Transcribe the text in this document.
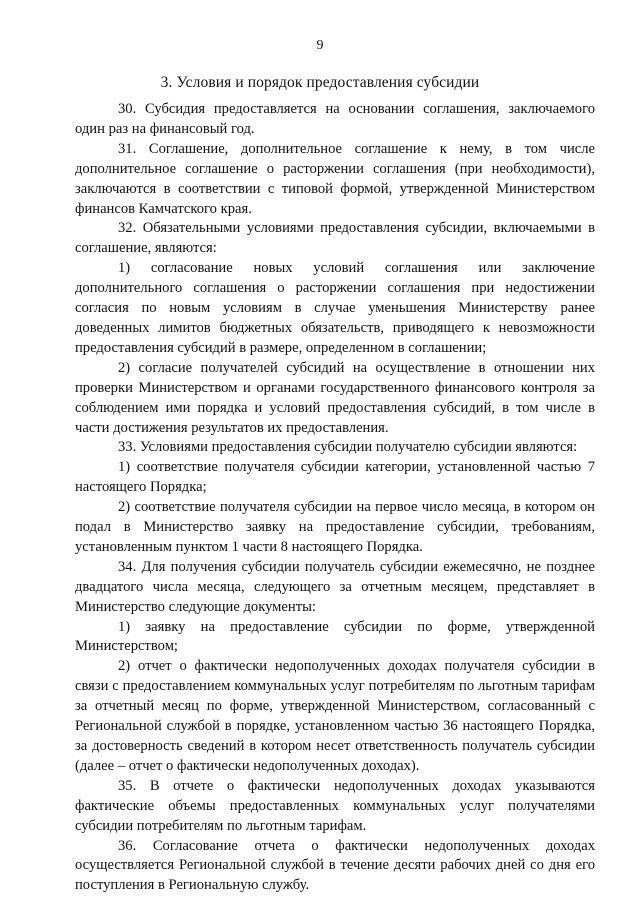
9
3. Условия и порядок предоставления субсидии

30. Субсидия предоставляется на основании соглашения, заключаемого один раз на финансовый год.

31. Соглашение, дополнительное соглашение к нему, в том числе дополнительное соглашение о расторжении соглашения (при необходимости), заключаются в соответствии с типовой формой, утвержденной Министерством финансов Камчатского края.

32. Обязательными условиями предоставления субсидии, включаемыми в соглашение, являются:

1) согласование новых условий соглашения или заключение дополнительного соглашения о расторжении соглашения при недостижении согласия по новым условиям в случае уменьшения Министерству ранее доведенных лимитов бюджетных обязательств, приводящего к невозможности предоставления субсидий в размере, определенном в соглашении;

2) согласие получателей субсидий на осуществление в отношении них проверки Министерством и органами государственного финансового контроля за соблюдением ими порядка и условий предоставления субсидий, в том числе в части достижения результатов их предоставления.

33. Условиями предоставления субсидии получателю субсидии являются:

1) соответствие получателя субсидии категории, установленной частью 7 настоящего Порядка;

2) соответствие получателя субсидии на первое число месяца, в котором он подал в Министерство заявку на предоставление субсидии, требованиям, установленным пунктом 1 части 8 настоящего Порядка.

34. Для получения субсидии получатель субсидии ежемесячно, не позднее двадцатого числа месяца, следующего за отчетным месяцем, представляет в Министерство следующие документы:

1) заявку на предоставление субсидии по форме, утвержденной Министерством;

2) отчет о фактически недополученных доходах получателя субсидии в связи с предоставлением коммунальных услуг потребителям по льготным тарифам за отчетный месяц по форме, утвержденной Министерством, согласованный с Региональной службой в порядке, установленном частью 36 настоящего Порядка, за достоверность сведений в котором несет ответственность получатель субсидии (далее – отчет о фактически недополученных доходах).

35. В отчете о фактически недополученных доходах указываются фактические объемы предоставленных коммунальных услуг получателями субсидии потребителям по льготным тарифам.

36. Согласование отчета о фактически недополученных доходах осуществляется Региональной службой в течение десяти рабочих дней со дня его поступления в Региональную службу.
